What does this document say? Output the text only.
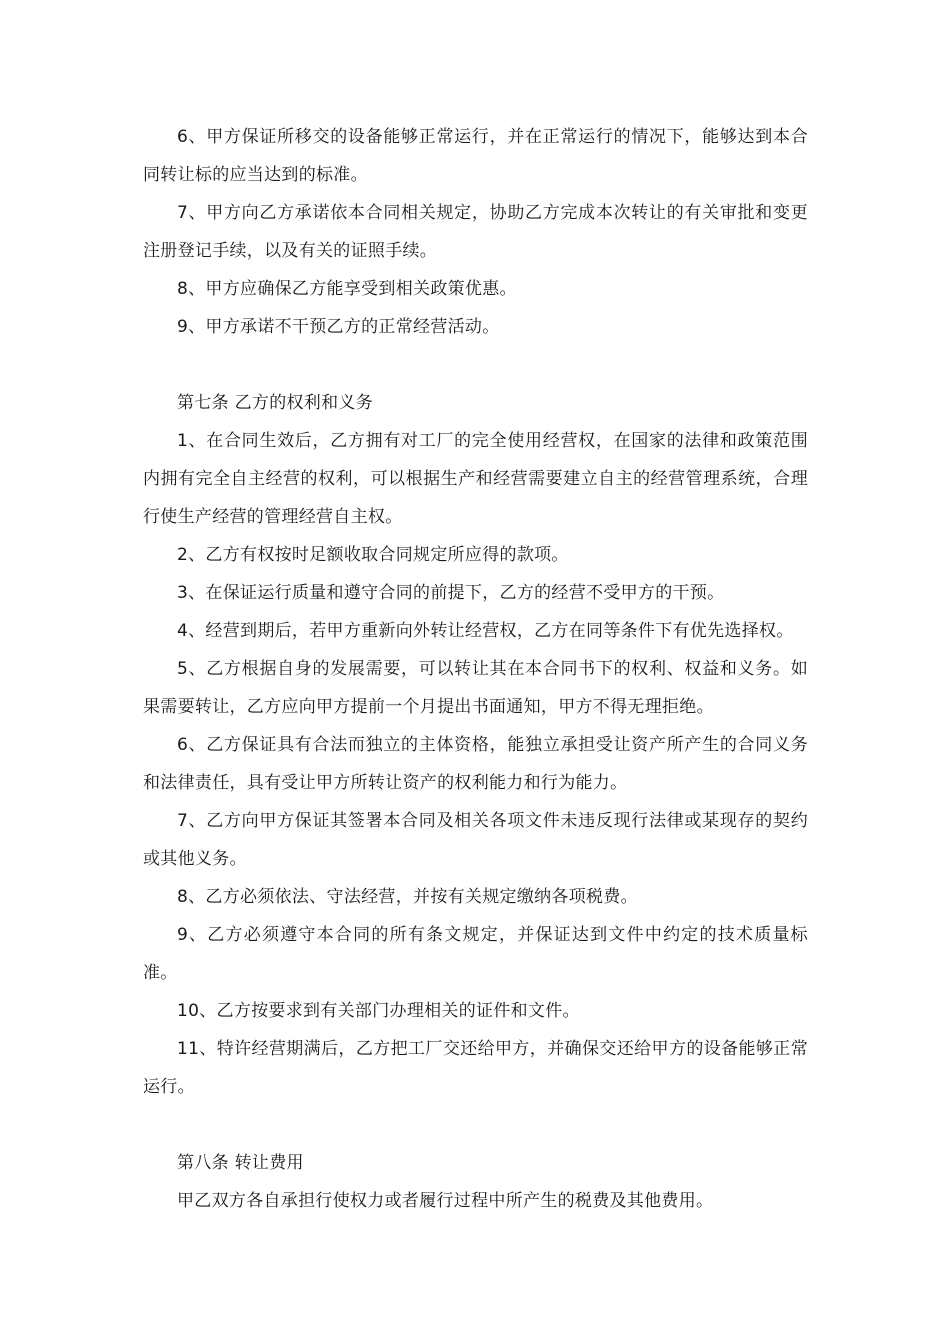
6、甲方保证所移交的设备能够正常运行，并在正常运行的情况下，能够达到本合同转让标的应当达到的标准。

7、甲方向乙方承诺依本合同相关规定，协助乙方完成本次转让的有关审批和变更注册登记手续，以及有关的证照手续。

8、甲方应确保乙方能享受到相关政策优惠。

9、甲方承诺不干预乙方的正常经营活动。

第七条 乙方的权利和义务

1、在合同生效后，乙方拥有对工厂的完全使用经营权，在国家的法律和政策范围内拥有完全自主经营的权利，可以根据生产和经营需要建立自主的经营管理系统，合理行使生产经营的管理经营自主权。

2、乙方有权按时足额收取合同规定所应得的款项。

3、在保证运行质量和遵守合同的前提下，乙方的经营不受甲方的干预。

4、经营到期后，若甲方重新向外转让经营权，乙方在同等条件下有优先选择权。

5、乙方根据自身的发展需要，可以转让其在本合同书下的权利、权益和义务。如果需要转让，乙方应向甲方提前一个月提出书面通知，甲方不得无理拒绝。

6、乙方保证具有合法而独立的主体资格，能独立承担受让资产所产生的合同义务和法律责任，具有受让甲方所转让资产的权利能力和行为能力。

7、乙方向甲方保证其签署本合同及相关各项文件未违反现行法律或某现存的契约或其他义务。

8、乙方必须依法、守法经营，并按有关规定缴纳各项税费。

9、乙方必须遵守本合同的所有条文规定，并保证达到文件中约定的技术质量标准。

10、乙方按要求到有关部门办理相关的证件和文件。

11、特许经营期满后，乙方把工厂交还给甲方，并确保交还给甲方的设备能够正常运行。

第八条 转让费用

甲乙双方各自承担行使权力或者履行过程中所产生的税费及其他费用。
